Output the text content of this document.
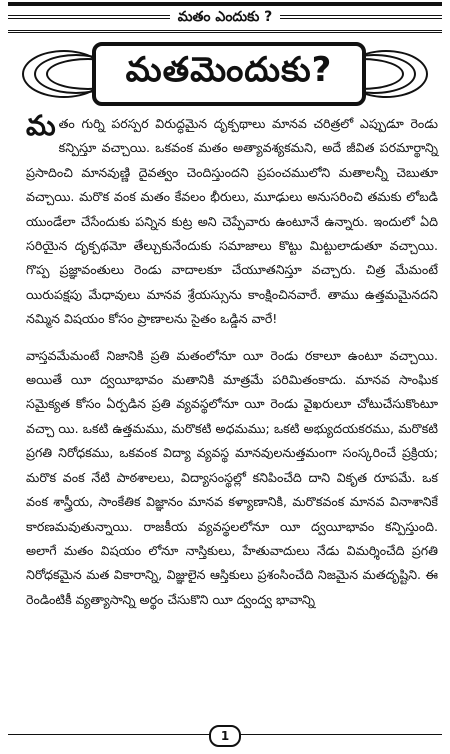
మతం ఎందుకు ?
మతమెందుకు?

మతం గుర్ని పరస్పర విరుద్ధమైన దృక్పథాలు మానవ చరిత్రలో ఎప్పుడూ రెండు కన్పిస్తూ వచ్చాయి. ఒకవంక మతం అత్యావశ్యకమని, అదే జీవిత పరమార్థాన్ని ప్రసాదించి మానవుణ్ణి దైవత్వం చెందిస్తుందని ప్రపంచములోని మతాలన్నీ చెబుతూ వచ్చాయి. మరొక వంక మతం కేవలం భీరులు, మూఢులు అనుసరించి తమకు లోబడి యుండేలా చేసేందుకు పన్నిన కుట్ర అని చెప్పేవారు ఉంటూనే ఉన్నారు. ఇందులో ఏది సరియైన దృక్పథమో తేల్చుకునేందుకు సమాజాలు కొట్టు మిట్టులాడుతూ వచ్చాయి. గొప్ప ప్రజ్ఞావంతులు రెండు వాదాలకూ చేయూతనిస్తూ వచ్చారు. చిత్ర మేమంటే యిరుపక్షపు మేధావులు మానవ శ్రేయస్సును కాంక్షించినవారే. తాము ఉత్తమమైనదని నమ్మిన విషయం కోసం ప్రాణాలను సైతం ఒడ్డిన వారే!

వాస్తవమేమంటే నిజానికి ప్రతి మతంలోనూ యీ రెండు రకాలూ ఉంటూ వచ్చాయి. అయితే యీ ద్వయీభావం మతానికి మాత్రమే పరిమితంకాదు. మానవ సాంఘిక సమైక్యత కోసం ఏర్పడిన ప్రతి వ్యవస్థలోనూ యీ రెండు వైఖరులూ చోటుచేసుకొంటూ వచ్చా యి. ఒకటి ఉత్తమము, మరొకటి అధమము; ఒకటి అభ్యుదయకరము, మరొకటి ప్రగతి నిరోధకము, ఒకవంక విద్యా వ్యవస్థ మానవులనుత్తమంగా సంస్కరించే ప్రక్రియ; మరొక వంక నేటి పాఠశాలలు, విద్యాసంస్థల్లో కనిపించేది దాని వికృత రూపమే. ఒక వంక శాస్త్రీయ, సాంకేతిక విజ్ఞానం మానవ కళ్యాణానికి, మరొకవంక మానవ వినాశానికే కారణమవుతున్నాయి. రాజకీయ వ్యవస్థలలోనూ యీ ద్వయీభావం కన్పిస్తుంది. అలాగే మతం విషయం లోనూ నాస్తికులు, హేతువాదులు నేడు విమర్శించేది ప్రగతి నిరోధకమైన మత వికారాన్ని, విజ్ఞులైన ఆస్తికులు ప్రశంసించేది నిజమైన మతదృష్టిని. ఈ రెండింటికీ వ్యత్యాసాన్ని అర్థం చేసుకొని యీ ద్వంద్వ భావాన్ని

1
